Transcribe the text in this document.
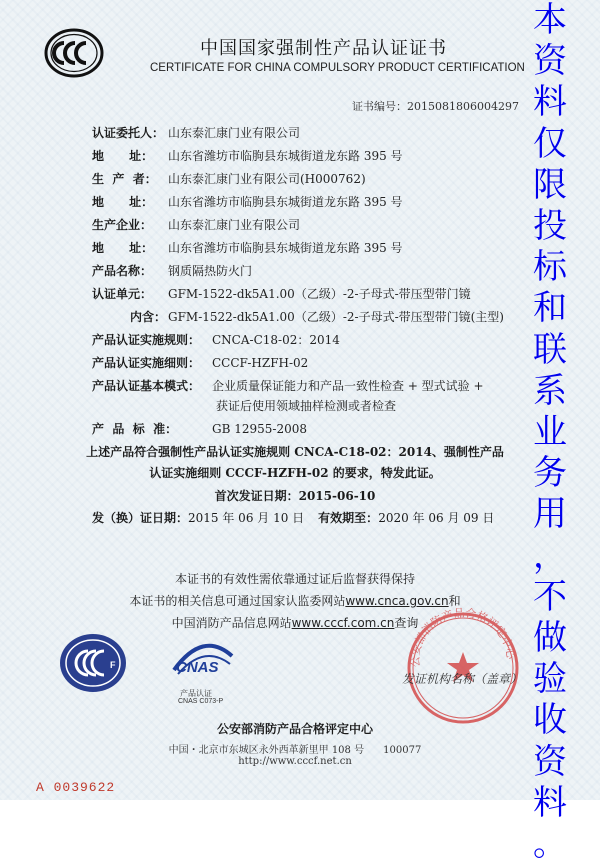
中国国家强制性产品认证证书
CERTIFICATE FOR CHINA COMPULSORY PRODUCT CERTIFICATION
证书编号：2015081806004297
认证委托人： 山东泰汇康门业有限公司
地      址： 山东省潍坊市临朐县东城街道龙东路 395 号
生  产  者： 山东泰汇康门业有限公司(H000762)
地      址： 山东省潍坊市临朐县东城街道龙东路 395 号
生产企业： 山东泰汇康门业有限公司
地      址： 山东省潍坊市临朐县东城街道龙东路 395 号
产品名称： 钢质隔热防火门
认证单元： GFM-1522-dk5A1.00（乙级）-2-子母式-带压型带门镜
内含： GFM-1522-dk5A1.00（乙级）-2-子母式-带压型带门镜(主型)
产品认证实施规则： CNCA-C18-02：2014
产品认证实施细则： CCCF-HZFH-02
产品认证基本模式： 企业质量保证能力和产品一致性检查 + 型式试验 +
获证后使用领域抽样检测或者检查
产  品  标  准：	GB 12955-2008
上述产品符合强制性产品认证实施规则 CNCA-C18-02：2014、强制性产品
认证实施细则 CCCF-HZFH-02 的要求，特发此证。
首次发证日期：2015-06-10
发（换）证日期：2015 年 06 月 10 日 有效期至：2020 年 06 月 09 日
本证书的有效性需依靠通过证后监督获得保持
本证书的相关信息可通过国家认监委网站www.cnca.gov.cn和
中国消防产品信息网站www.cccf.com.cn查询
F	CNAS
产品认证
CNAS C073-P
公安部消防产品合格评定中心
发证机构名称（盖章）
公安部消防产品合格评定中心
中国・北京市东城区永外西革新里甲 108 号      100077
http://www.cccf.net.cn
A 0039622
本
资
料
仅
限
投
标
和
联
系
业
务
用
，
不
做
验
收
资
料
。
